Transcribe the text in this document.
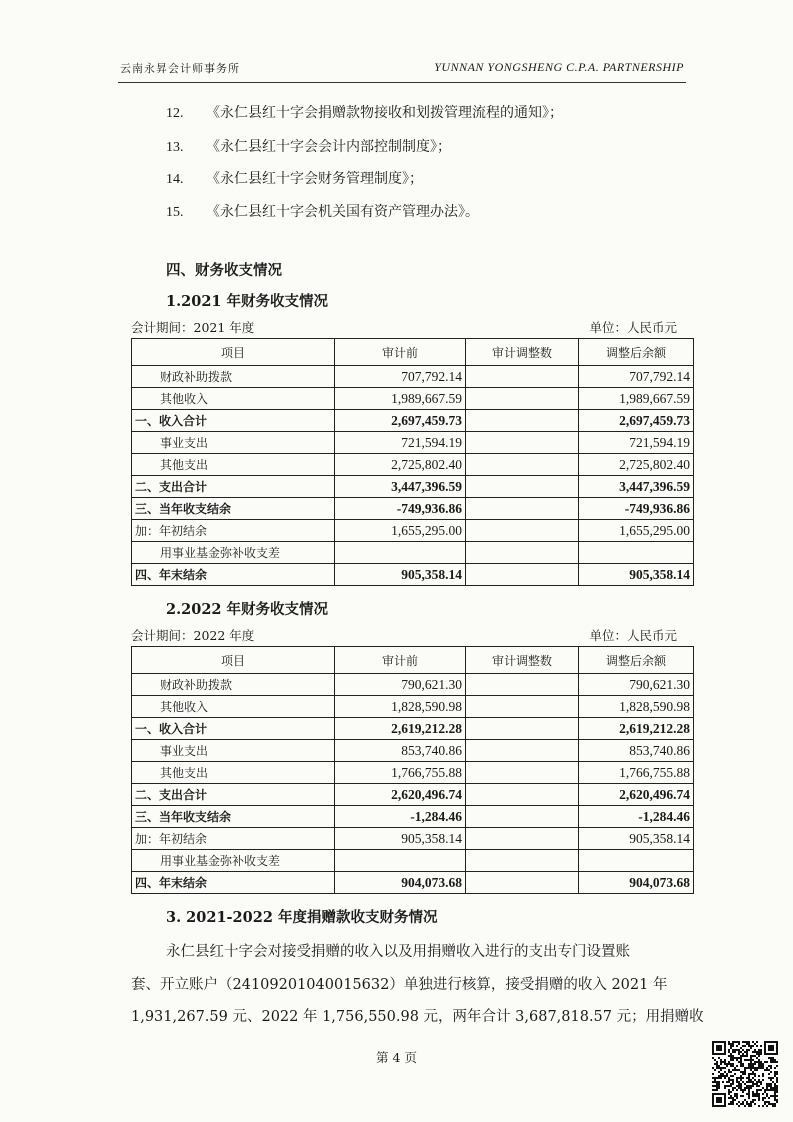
云南永昇会计师事务所	YUNNAN YONGSHENG C.P.A. PARTNERSHIP
12. 《永仁县红十字会捐赠款物接收和划拨管理流程的通知》；
13. 《永仁县红十字会会计内部控制制度》；
14. 《永仁县红十字会财务管理制度》；
15. 《永仁县红十字会机关国有资产管理办法》。
四、财务收支情况
1.2021 年财务收支情况
会计期间：2021 年度	单位：人民币元
项目	审计前	审计调整数	调整后余额
财政补助拨款	707,792.14		707,792.14
其他收入	1,989,667.59		1,989,667.59
一、收入合计	2,697,459.73		2,697,459.73
事业支出	721,594.19		721,594.19
其他支出	2,725,802.40		2,725,802.40
二、支出合计	3,447,396.59		3,447,396.59
三、当年收支结余	-749,936.86		-749,936.86
加：年初结余	1,655,295.00		1,655,295.00
用事业基金弥补收支差			
四、年末结余	905,358.14		905,358.14
2.2022 年财务收支情况
会计期间：2022 年度	单位：人民币元
项目	审计前	审计调整数	调整后余额
财政补助拨款	790,621.30		790,621.30
其他收入	1,828,590.98		1,828,590.98
一、收入合计	2,619,212.28		2,619,212.28
事业支出	853,740.86		853,740.86
其他支出	1,766,755.88		1,766,755.88
二、支出合计	2,620,496.74		2,620,496.74
三、当年收支结余	-1,284.46		-1,284.46
加：年初结余	905,358.14		905,358.14
用事业基金弥补收支差			
四、年末结余	904,073.68		904,073.68
3. 2021-2022 年度捐赠款收支财务情况
永仁县红十字会对接受捐赠的收入以及用捐赠收入进行的支出专门设置账
套、开立账户（24109201040015632）单独进行核算，接受捐赠的收入 2021 年
1,931,267.59 元、2022 年 1,756,550.98 元，两年合计 3,687,818.57 元；用捐赠收
第 4 页
